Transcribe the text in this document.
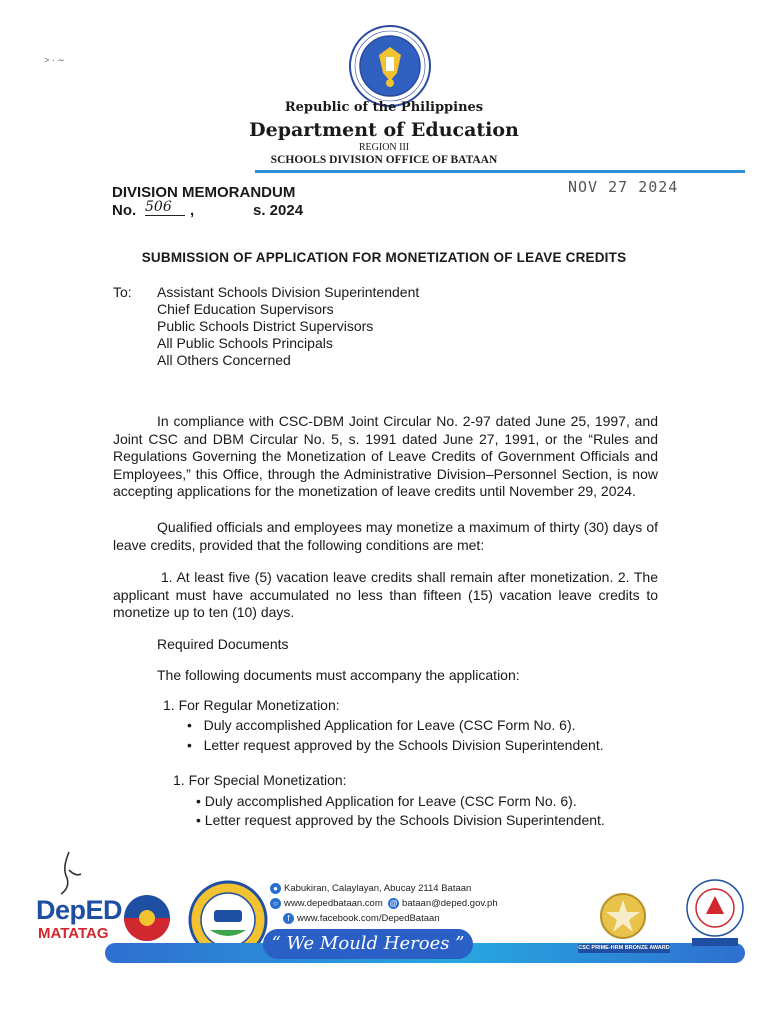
˃ · ∼
Republic of the Philippines
Department of Education
REGION III
SCHOOLS DIVISION OFFICE OF BATAAN
DIVISION MEMORANDUM
No. 506	,	s. 2024
NOV 27 2024
SUBMISSION OF APPLICATION FOR MONETIZATION OF LEAVE CREDITS
To: Assistant Schools Division Superintendent
Chief Education Supervisors
Public Schools District Supervisors
All Public Schools Principals
All Others Concerned
In compliance with CSC-DBM Joint Circular No. 2-97 dated June 25, 1997, and Joint CSC and DBM Circular No. 5, s. 1991 dated June 27, 1991, or the “Rules and Regulations Governing the Monetization of Leave Credits of Government Officials and Employees,” this Office, through the Administrative Division–Personnel Section, is now accepting applications for the monetization of leave credits until November 29, 2024.
Qualified officials and employees may monetize a maximum of thirty (30) days of leave credits, provided that the following conditions are met:
1. At least five (5) vacation leave credits shall remain after monetization. 2. The applicant must have accumulated no less than fifteen (15) vacation leave credits to monetize up to ten (10) days.
Required Documents
The following documents must accompany the application:
1. For Regular Monetization:
•   Duly accomplished Application for Leave (CSC Form No. 6).
•   Letter request approved by the Schools Division Superintendent.
1. For Special Monetization:
• Duly accomplished Application for Leave (CSC Form No. 6).
• Letter request approved by the Schools Division Superintendent.
DepED
MATATAG	“ We Mould Heroes ”
● Kabukiran, Calaylayan, Abucay 2114 Bataan
○ www.depedbataan.com @ bataan@deped.gov.ph
f www.facebook.com/DepedBataan
CSC PRIME-HRM BRONZE AWARD
